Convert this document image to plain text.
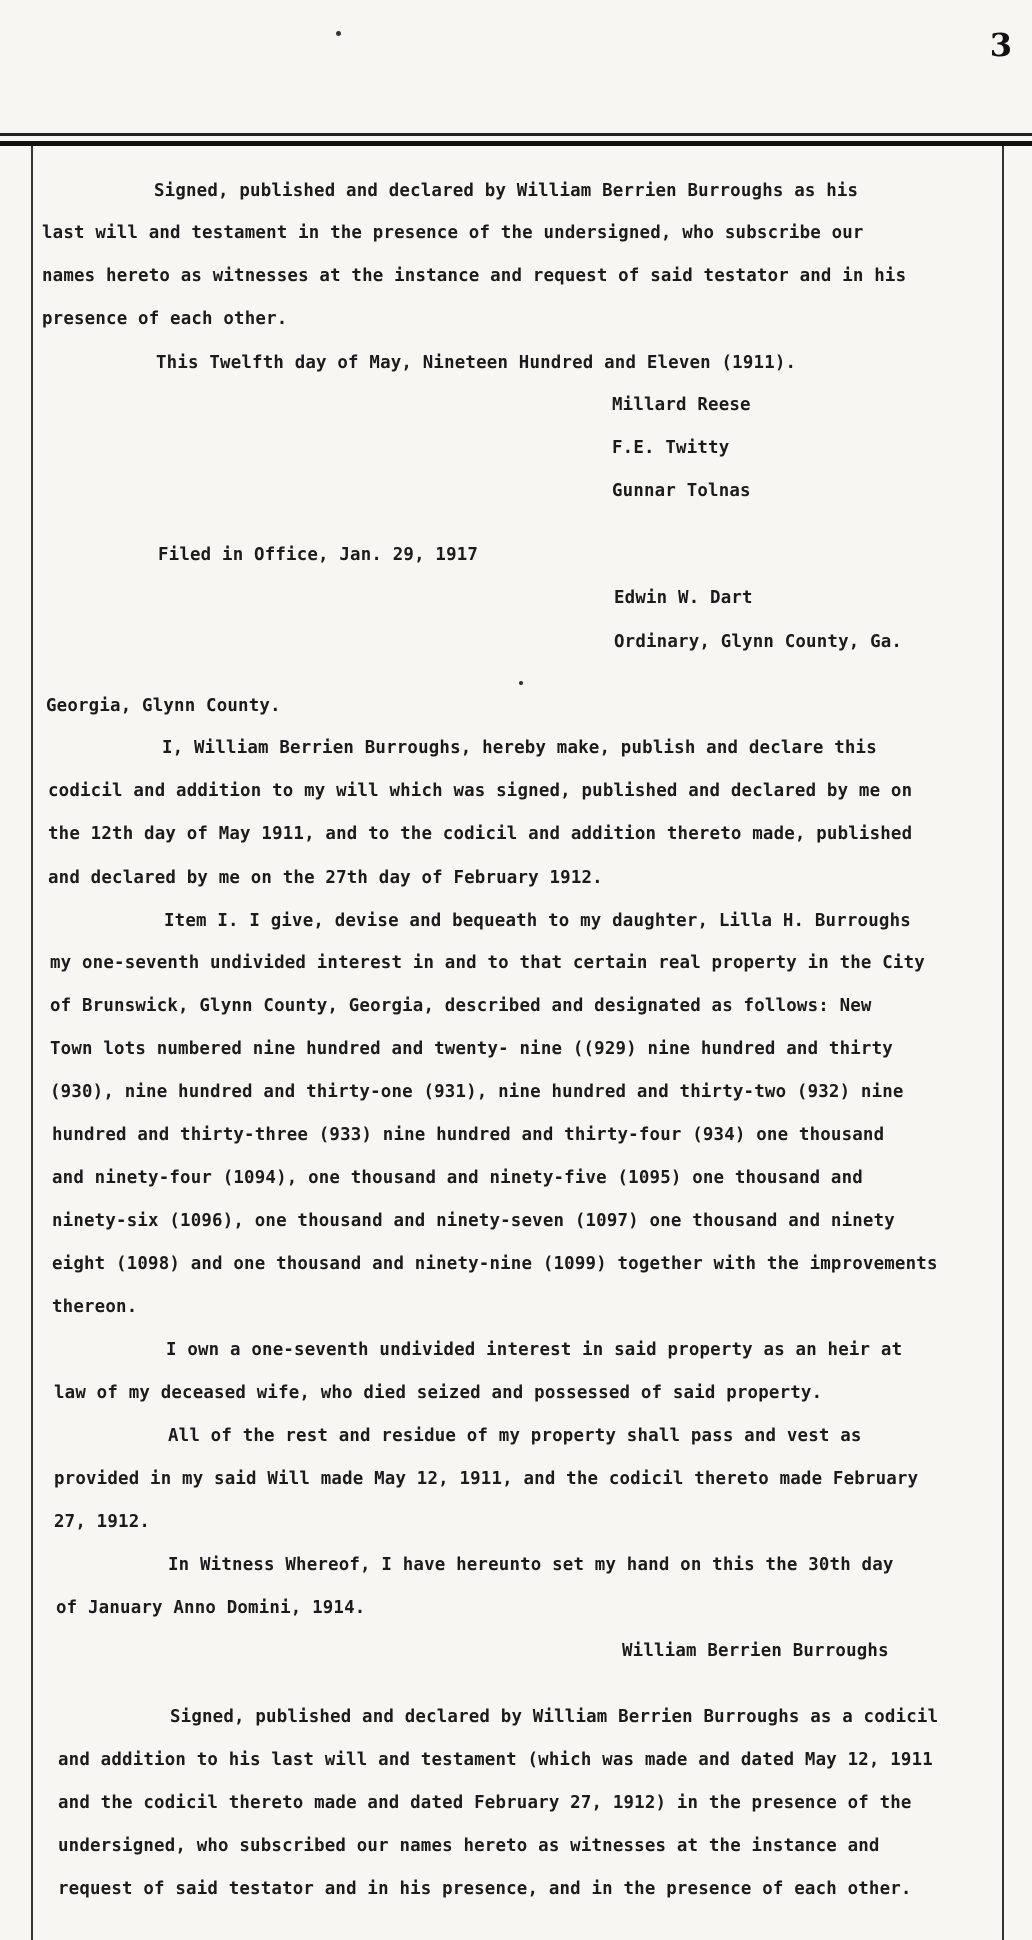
3
Signed, published and declared by William Berrien Burroughs as his
last will and testament in the presence of the undersigned, who subscribe our
names hereto as witnesses at the instance and request of said testator and in his
presence of each other.
This Twelfth day of May, Nineteen Hundred and Eleven (1911).
Millard Reese
F.E. Twitty
Gunnar Tolnas
Filed in Office, Jan. 29, 1917
Edwin W. Dart
Ordinary, Glynn County, Ga.
Georgia, Glynn County.
I, William Berrien Burroughs, hereby make, publish and declare this
codicil and addition to my will which was signed, published and declared by me on
the 12th day of May 1911, and to the codicil and addition thereto made, published
and declared by me on the 27th day of February 1912.
Item I. I give, devise and bequeath to my daughter, Lilla H. Burroughs
my one-seventh undivided interest in and to that certain real property in the City
of Brunswick, Glynn County, Georgia, described and designated as follows: New
Town lots numbered nine hundred and twenty- nine ((929) nine hundred and thirty
(930), nine hundred and thirty-one (931), nine hundred and thirty-two (932) nine
hundred and thirty-three (933) nine hundred and thirty-four (934) one thousand
and ninety-four (1094), one thousand and ninety-five (1095) one thousand and
ninety-six (1096), one thousand and ninety-seven (1097) one thousand and ninety
eight (1098) and one thousand and ninety-nine (1099) together with the improvements
thereon.
I own a one-seventh undivided interest in said property as an heir at
law of my deceased wife, who died seized and possessed of said property.
All of the rest and residue of my property shall pass and vest as
provided in my said Will made May 12, 1911, and the codicil thereto made February
27, 1912.
In Witness Whereof, I have hereunto set my hand on this the 30th day
of January Anno Domini, 1914.
William Berrien Burroughs
Signed, published and declared by William Berrien Burroughs as a codicil
and addition to his last will and testament (which was made and dated May 12, 1911
and the codicil thereto made and dated February 27, 1912) in the presence of the
undersigned, who subscribed our names hereto as witnesses at the instance and
request of said testator and in his presence, and in the presence of each other.
